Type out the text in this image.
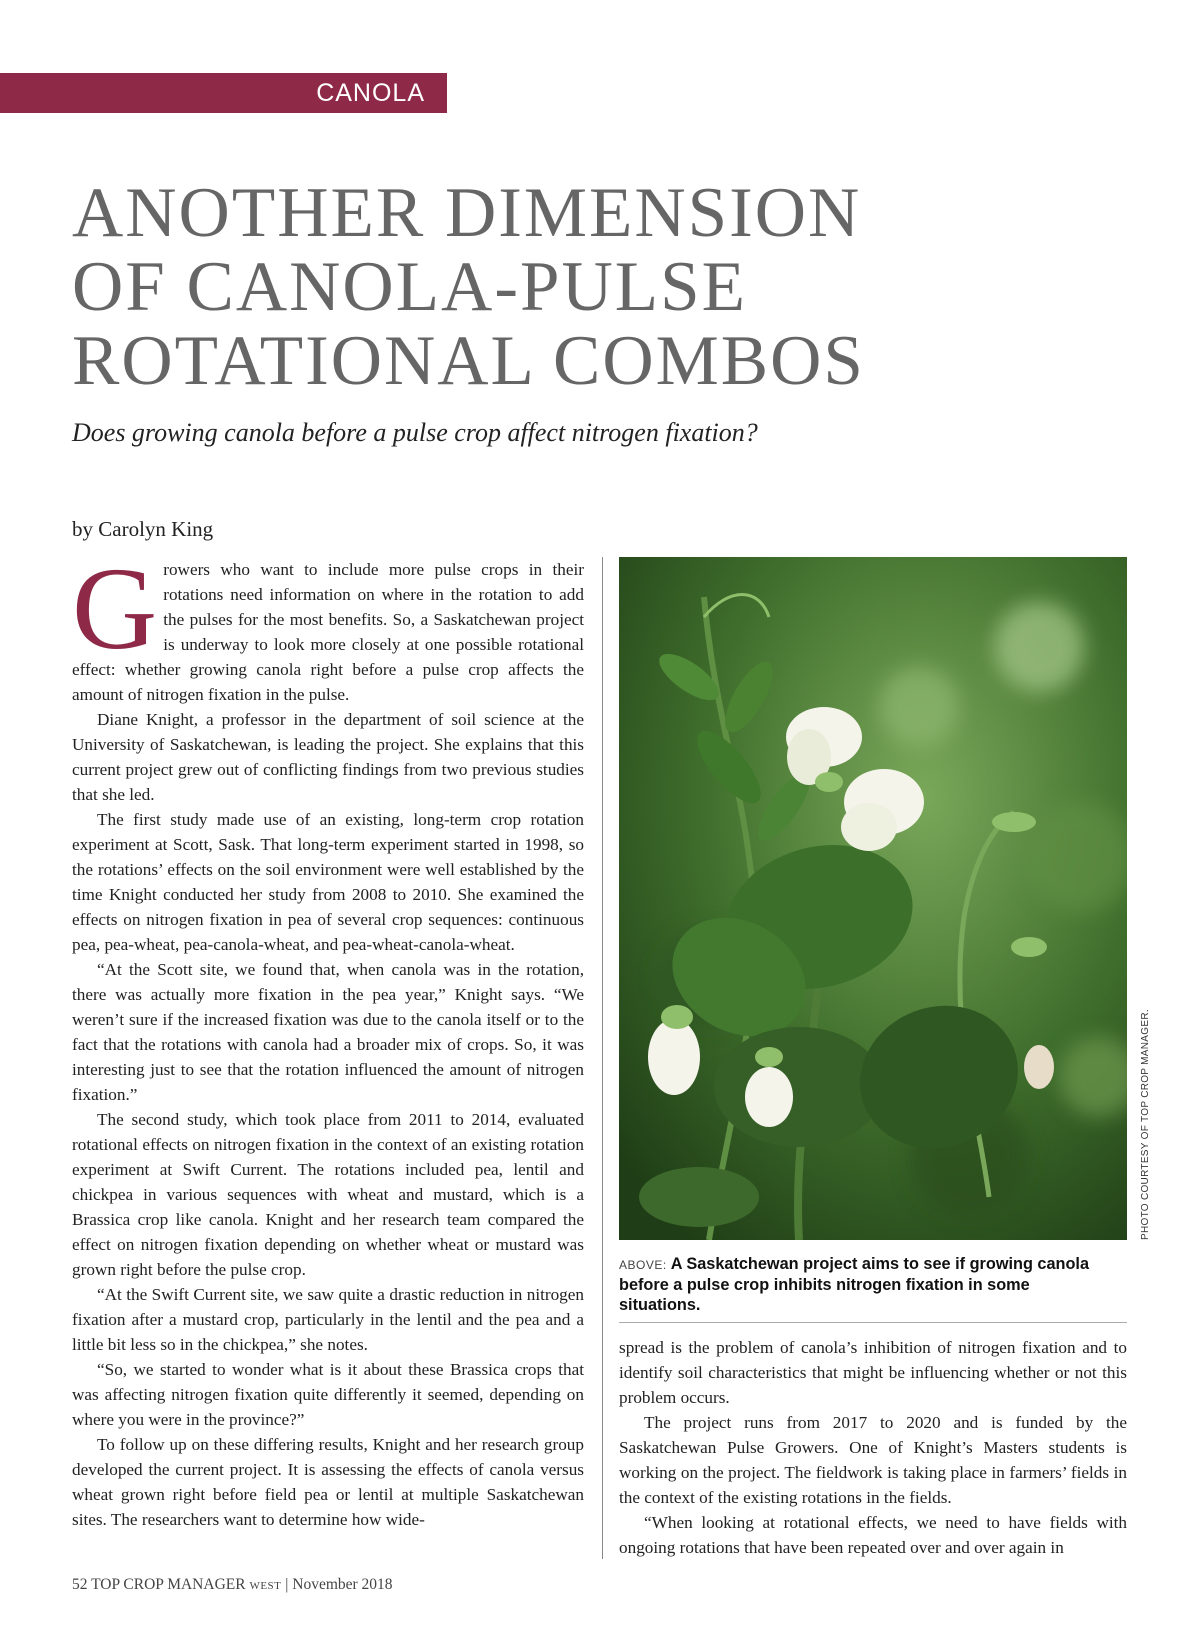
CANOLA
ANOTHER DIMENSION
OF CANOLA-PULSE
ROTATIONAL COMBOS

Does growing canola before a pulse crop affect nitrogen fixation?

by Carolyn King

Growers who want to include more pulse crops in their rotations need information on where in the rotation to add the pulses for the most benefits. So, a Saskatchewan project is underway to look more closely at one possible rotational effect: whether growing canola right before a pulse crop affects the amount of nitrogen fixation in the pulse.

Diane Knight, a professor in the department of soil science at the University of Saskatchewan, is leading the project. She explains that this current project grew out of conflicting findings from two previous studies that she led.

The first study made use of an existing, long-term crop rotation experiment at Scott, Sask. That long-term experiment started in 1998, so the rotations’ effects on the soil environment were well established by the time Knight conducted her study from 2008 to 2010. She examined the effects on nitrogen fixation in pea of several crop sequences: continuous pea, pea-wheat, pea-canola-wheat, and pea-wheat-canola-wheat.

“At the Scott site, we found that, when canola was in the rotation, there was actually more fixation in the pea year,” Knight says. “We weren’t sure if the increased fixation was due to the canola itself or to the fact that the rotations with canola had a broader mix of crops. So, it was interesting just to see that the rotation influenced the amount of nitrogen fixation.”

The second study, which took place from 2011 to 2014, evaluated rotational effects on nitrogen fixation in the context of an existing rotation experiment at Swift Current. The rotations included pea, lentil and chickpea in various sequences with wheat and mustard, which is a Brassica crop like canola. Knight and her research team compared the effect on nitrogen fixation depending on whether wheat or mustard was grown right before the pulse crop.

“At the Swift Current site, we saw quite a drastic reduction in nitrogen fixation after a mustard crop, particularly in the lentil and the pea and a little bit less so in the chickpea,” she notes.

“So, we started to wonder what is it about these Brassica crops that was affecting nitrogen fixation quite differently it seemed, depending on where you were in the province?”

To follow up on these differing results, Knight and her research group developed the current project. It is assessing the effects of canola versus wheat grown right before field pea or lentil at multiple Saskatchewan sites. The researchers want to determine how wide-

PHOTO COURTESY OF TOP CROP MANAGER.

ABOVE: A Saskatchewan project aims to see if growing canola before a pulse crop inhibits nitrogen fixation in some situations.

spread is the problem of canola’s inhibition of nitrogen fixation and to identify soil characteristics that might be influencing whether or not this problem occurs.

The project runs from 2017 to 2020 and is funded by the Saskatchewan Pulse Growers. One of Knight’s Masters students is working on the project. The fieldwork is taking place in farmers’ fields in the context of the existing rotations in the fields.

“When looking at rotational effects, we need to have fields with ongoing rotations that have been repeated over and over again in

52 TOP CROP MANAGER WEST | November 2018
